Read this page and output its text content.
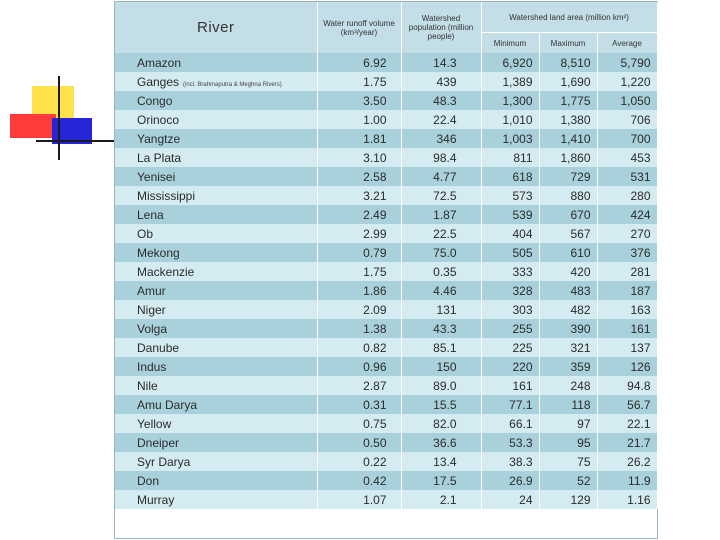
River	Water runoff volume (km³/year)	Watershed population (million people)	Watershed land area (million km²)		
			Minimum	Maximum	Average
Amazon	6.92	14.3	6,920	8,510	5,790
Ganges (incl. Brahmaputra & Meghna Rivers)	1.75	439	1,389	1,690	1,220
Congo	3.50	48.3	1,300	1,775	1,050
Orinoco	1.00	22.4	1,010	1,380	706
Yangtze	1.81	346	1,003	1,410	700
La Plata	3.10	98.4	811	1,860	453
Yenisei	2.58	4.77	618	729	531
Mississippi	3.21	72.5	573	880	280
Lena	2.49	1.87	539	670	424
Ob	2.99	22.5	404	567	270
Mekong	0.79	75.0	505	610	376
Mackenzie	1.75	0.35	333	420	281
Amur	1.86	4.46	328	483	187
Niger	2.09	131	303	482	163
Volga	1.38	43.3	255	390	161
Danube	0.82	85.1	225	321	137
Indus	0.96	150	220	359	126
Nile	2.87	89.0	161	248	94.8
Amu Darya	0.31	15.5	77.1	118	56.7
Yellow	0.75	82.0	66.1	97	22.1
Dneiper	0.50	36.6	53.3	95	21.7
Syr Darya	0.22	13.4	38.3	75	26.2
Don	0.42	17.5	26.9	52	11.9
Murray	1.07	2.1	24	129	1.16
